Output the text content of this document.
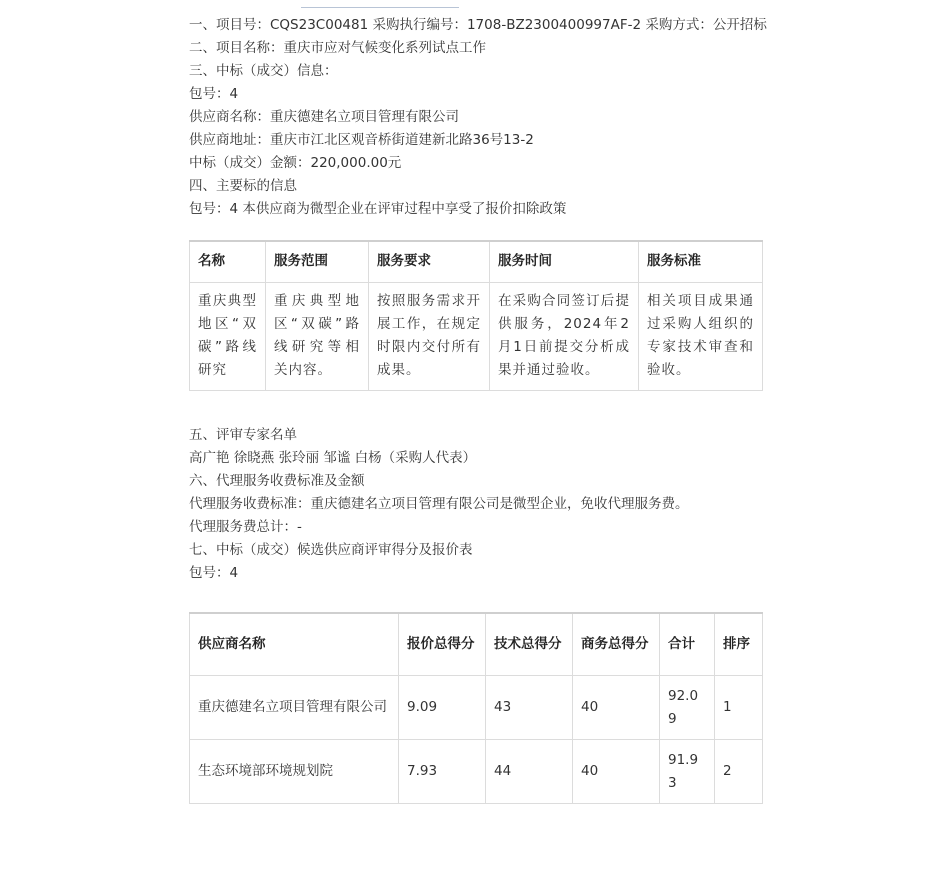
一、项目号：CQS23C00481 采购执行编号：1708-BZ2300400997AF-2 采购方式：公开招标
二、项目名称：重庆市应对气候变化系列试点工作
三、中标（成交）信息：
包号：4
供应商名称：重庆德建名立项目管理有限公司
供应商地址：重庆市江北区观音桥街道建新北路36号13-2
中标（成交）金额：220,000.00元
四、主要标的信息
包号：4 本供应商为微型企业在评审过程中享受了报价扣除政策
名称	服务范围	服务要求	服务时间	服务标准
重庆典型地区“双碳”路线研究	重庆典型地区“双碳”路线研究等相关内容。	按照服务需求开展工作，在规定时限内交付所有成果。	在采购合同签订后提供服务，2024年2月1日前提交分析成果并通过验收。	相关项目成果通过采购人组织的专家技术审查和验收。
五、评审专家名单
高广艳 徐晓燕 张玲丽 邹谧 白杨（采购人代表）
六、代理服务收费标准及金额
代理服务收费标准：重庆德建名立项目管理有限公司是微型企业，免收代理服务费。
代理服务费总计：-
七、中标（成交）候选供应商评审得分及报价表
包号：4
供应商名称	报价总得分	技术总得分	商务总得分	合计	排序
重庆德建名立项目管理有限公司	9.09	43	40	92.09	1
生态环境部环境规划院	7.93	44	40	91.93	2
